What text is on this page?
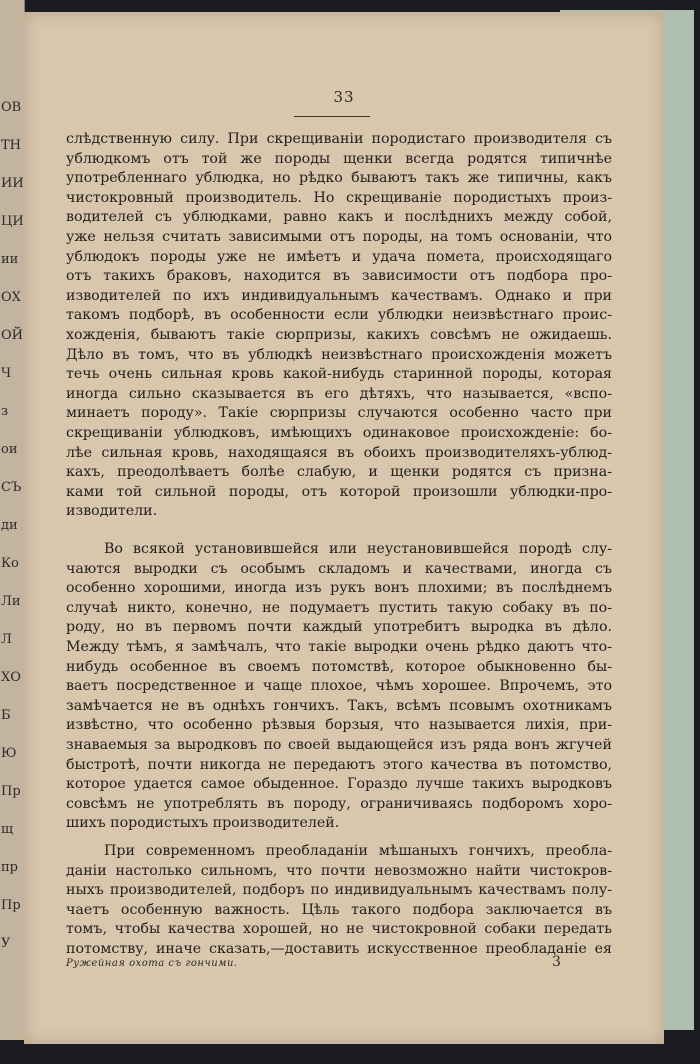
ОВ
ТН
ИИ
ЦИ
ии
ОХ
ОЙ
Ч
з
ои
СЪ
ди
Ко
Ли
Л
ХО
Б
Ю
Пр
щ
пр
Пр
У
33
слѣдственную силу. При скрещиваніи породистаго производителя съ
ублюдкомъ отъ той же породы щенки всегда родятся типичнѣе
употребленнаго ублюдка, но рѣдко бываютъ такъ же типичны, какъ
чистокровный производитель. Но скрещиваніе породистыхъ произ-
водителей съ ублюдками, равно какъ и послѣднихъ между собой,
уже нельзя считать зависимыми отъ породы, на томъ основаніи, что
ублюдокъ породы уже не имѣетъ и удача помета, происходящаго
отъ такихъ браковъ, находится въ зависимости отъ подбора про-
изводителей по ихъ индивидуальнымъ качествамъ. Однако и при
такомъ подборѣ, въ особенности если ублюдки неизвѣстнаго проис-
хожденія, бываютъ такіе сюрпризы, какихъ совсѣмъ не ожидаешь.
Дѣло въ томъ, что въ ублюдкѣ неизвѣстнаго происхожденія можетъ
течь очень сильная кровь какой-нибудь старинной породы, которая
иногда сильно сказывается въ его дѣтяхъ, что называется, «вспо-
минаетъ породу». Такіе сюрпризы случаются особенно часто при
скрещиваніи ублюдковъ, имѣющихъ одинаковое происхожденіе: бо-
лѣе сильная кровь, находящаяся въ обоихъ производителяхъ-ублюд-
кахъ, преодолѣваетъ болѣе слабую, и щенки родятся съ призна-
ками той сильной породы, отъ которой произошли ублюдки-про-
изводители.
Во всякой установившейся или неустановившейся породѣ слу-
чаются выродки съ особымъ складомъ и качествами, иногда съ
особенно хорошими, иногда изъ рукъ вонъ плохими; въ послѣднемъ
случаѣ никто, конечно, не подумаетъ пустить такую собаку въ по-
роду, но въ первомъ почти каждый употребитъ выродка въ дѣло.
Между тѣмъ, я замѣчалъ, что такіе выродки очень рѣдко даютъ что-
нибудь особенное въ своемъ потомствѣ, которое обыкновенно бы-
ваетъ посредственное и чаще плохое, чѣмъ хорошее. Впрочемъ, это
замѣчается не въ однѣхъ гончихъ. Такъ, всѣмъ псовымъ охотникамъ
извѣстно, что особенно рѣзвыя борзыя, что называется лихія, при-
знаваемыя за выродковъ по своей выдающейся изъ ряда вонъ жгучей
быстротѣ, почти никогда не передаютъ этого качества въ потомство,
которое удается самое обыденное. Гораздо лучше такихъ выродковъ
совсѣмъ не употреблять въ породу, ограничиваясь подборомъ хоро-
шихъ породистыхъ производителей.
При современномъ преобладаніи мѣшаныхъ гончихъ, преобла-
даніи настолько сильномъ, что почти невозможно найти чистокров-
ныхъ производителей, подборъ по индивидуальнымъ качествамъ полу-
чаетъ особенную важность. Цѣль такого подбора заключается въ
томъ, чтобы качества хорошей, но не чистокровной собаки передать
потомству, иначе сказать,—доставить искусственное преобладаніе ея
Ружейная охота съ гончими.	3
